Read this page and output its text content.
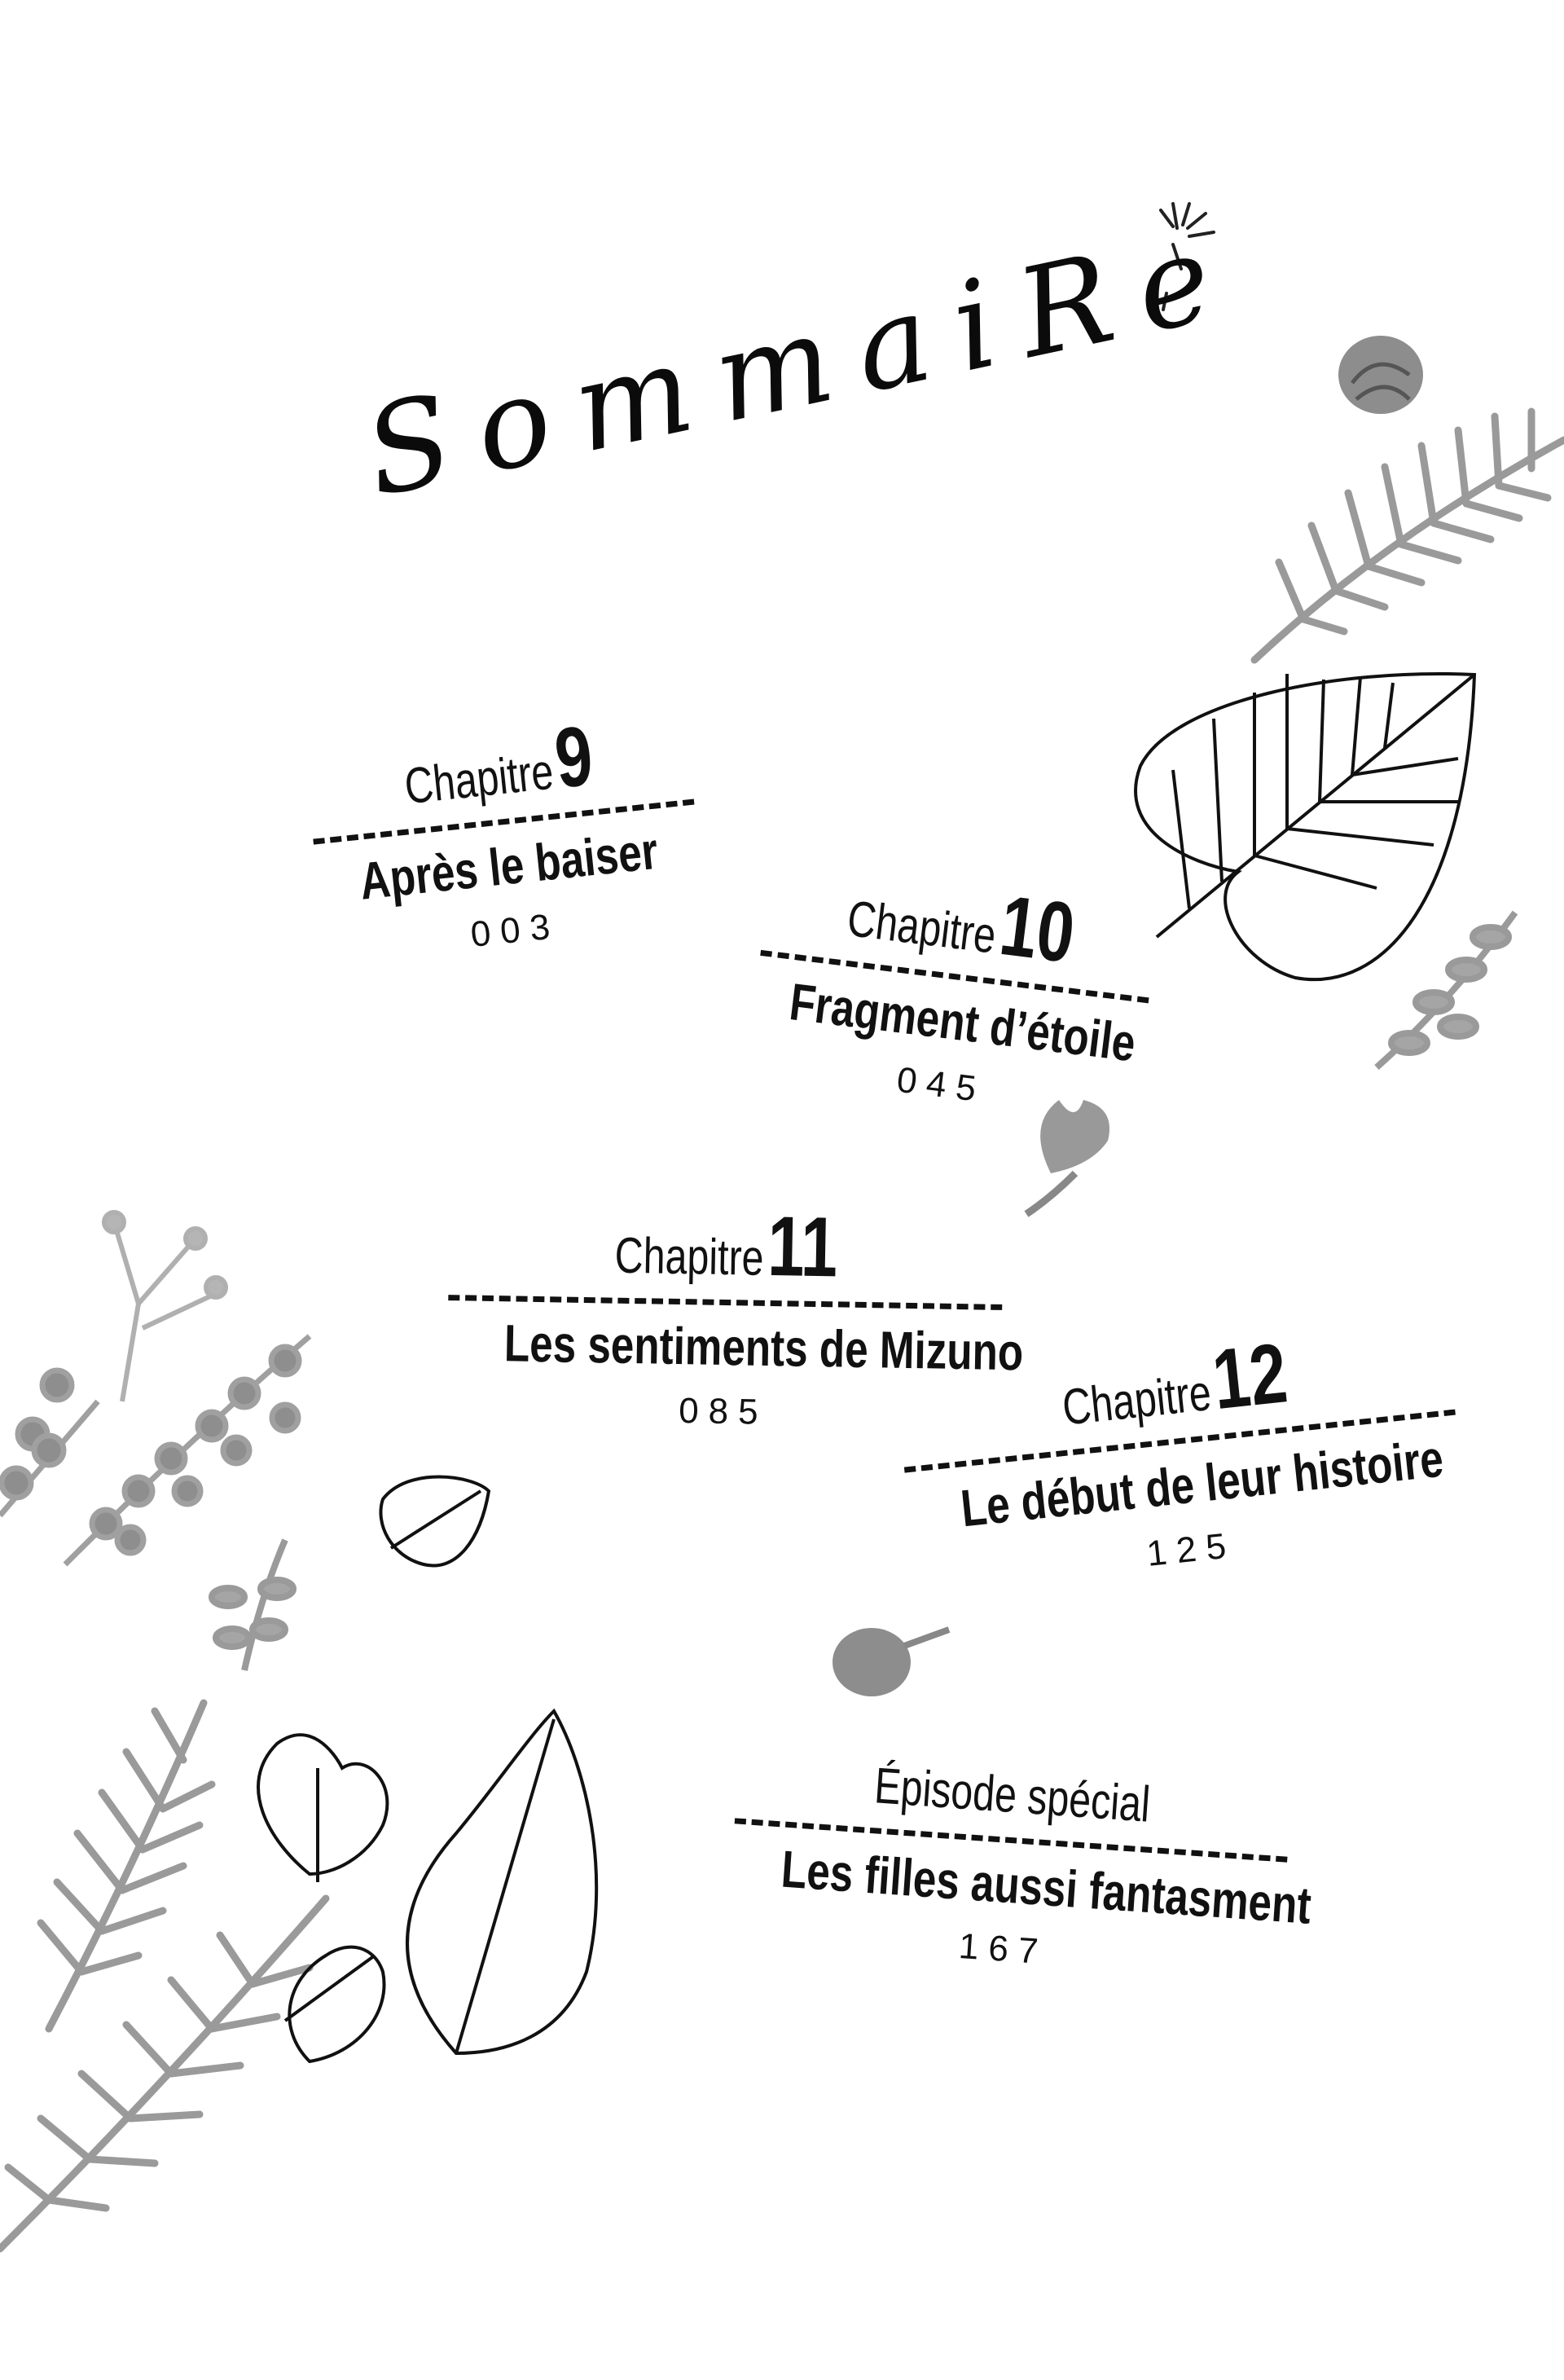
SommaiRe
Chapitre9
Après le baiser
003	Chapitre10
Fragment d’étoile
045
Chapitre11
Les sentiments de Mizuno
085	Chapitre12
Le début de leur histoire
125
Épisode spécial
Les filles aussi fantasment
167
